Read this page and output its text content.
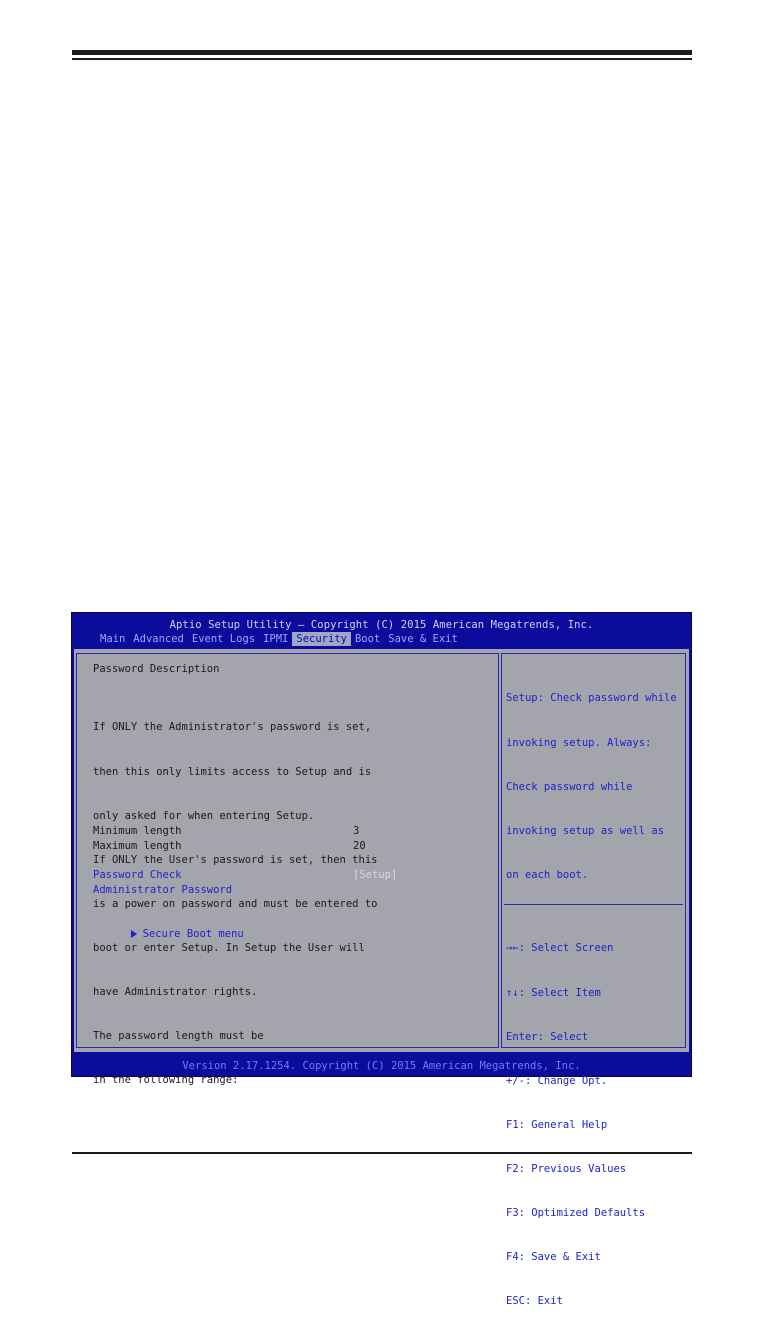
Aptio Setup Utility – Copyright (C) 2015 American Megatrends, Inc.
Main Advanced Event Logs IPMI Security Boot Save & Exit
Password Description

If ONLY the Administrator's password is set,

then this only limits access to Setup and is

only asked for when entering Setup.

If ONLY the User's password is set, then this

is a power on password and must be entered to

boot or enter Setup. In Setup the User will

have Administrator rights.

The password length must be

in the following range:

Minimum length	3
Maximum length	20
Password Check	[Setup]
Administrator Password

Secure Boot menu

Setup: Check password while

invoking setup. Always:

Check password while

invoking setup as well as

on each boot.

→←: Select Screen

↑↓: Select Item

Enter: Select

+/-: Change Opt.

F1: General Help

F2: Previous Values

F3: Optimized Defaults

F4: Save & Exit

ESC: Exit

Version 2.17.1254. Copyright (C) 2015 American Megatrends, Inc.
